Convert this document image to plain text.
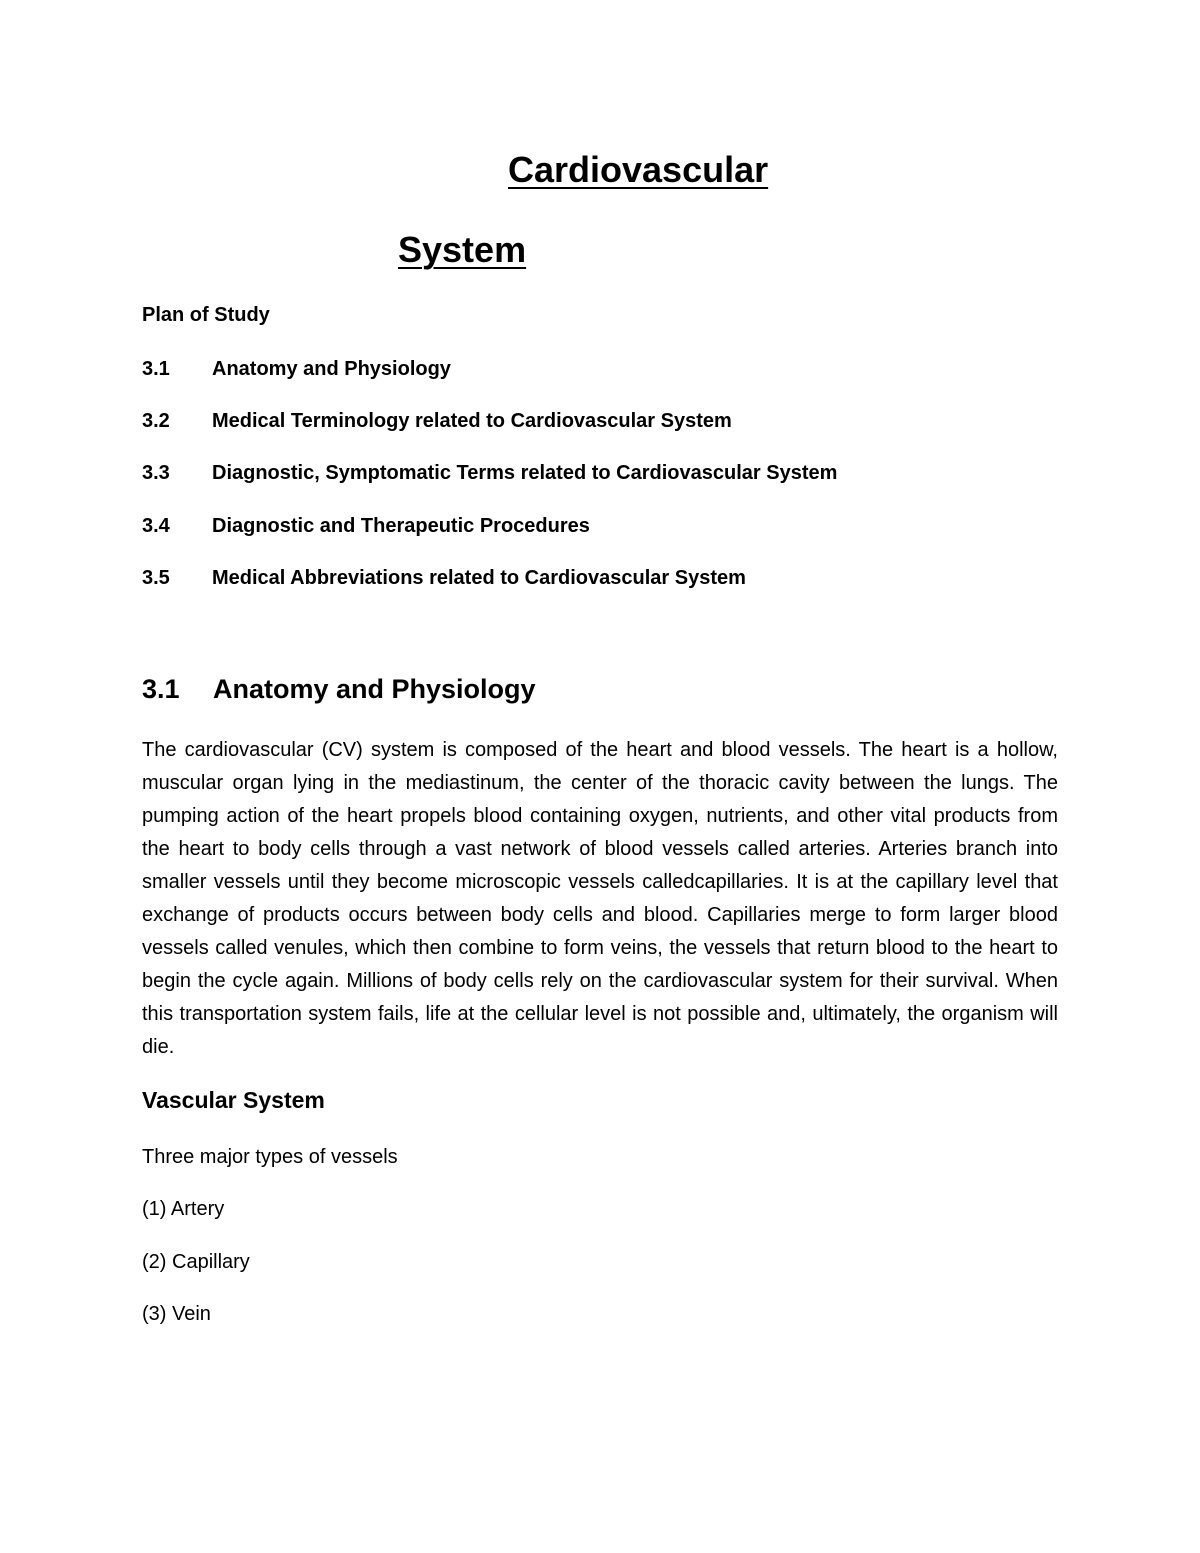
Cardiovascular
System
Plan of Study
3.1 Anatomy and Physiology
3.2 Medical Terminology related to Cardiovascular System
3.3 Diagnostic, Symptomatic Terms related to Cardiovascular System
3.4 Diagnostic and Therapeutic Procedures
3.5 Medical Abbreviations related to Cardiovascular System
3.1 Anatomy and Physiology

The cardiovascular (CV) system is composed of the heart and blood vessels. The heart is a hollow, muscular organ lying in the mediastinum, the center of the thoracic cavity between the lungs. The pumping action of the heart propels blood containing oxygen, nutrients, and other vital products from the heart to body cells through a vast network of blood vessels called arteries. Arteries branch into smaller vessels until they become microscopic vessels calledcapillaries. It is at the capillary level that exchange of products occurs between body cells and blood. Capillaries merge to form larger blood vessels called venules, which then combine to form veins, the vessels that return blood to the heart to begin the cycle again. Millions of body cells rely on the cardiovascular system for their survival. When this transportation system fails, life at the cellular level is not possible and, ultimately, the organism will die.

Vascular System
Three major types of vessels
(1) Artery
(2) Capillary
(3) Vein
